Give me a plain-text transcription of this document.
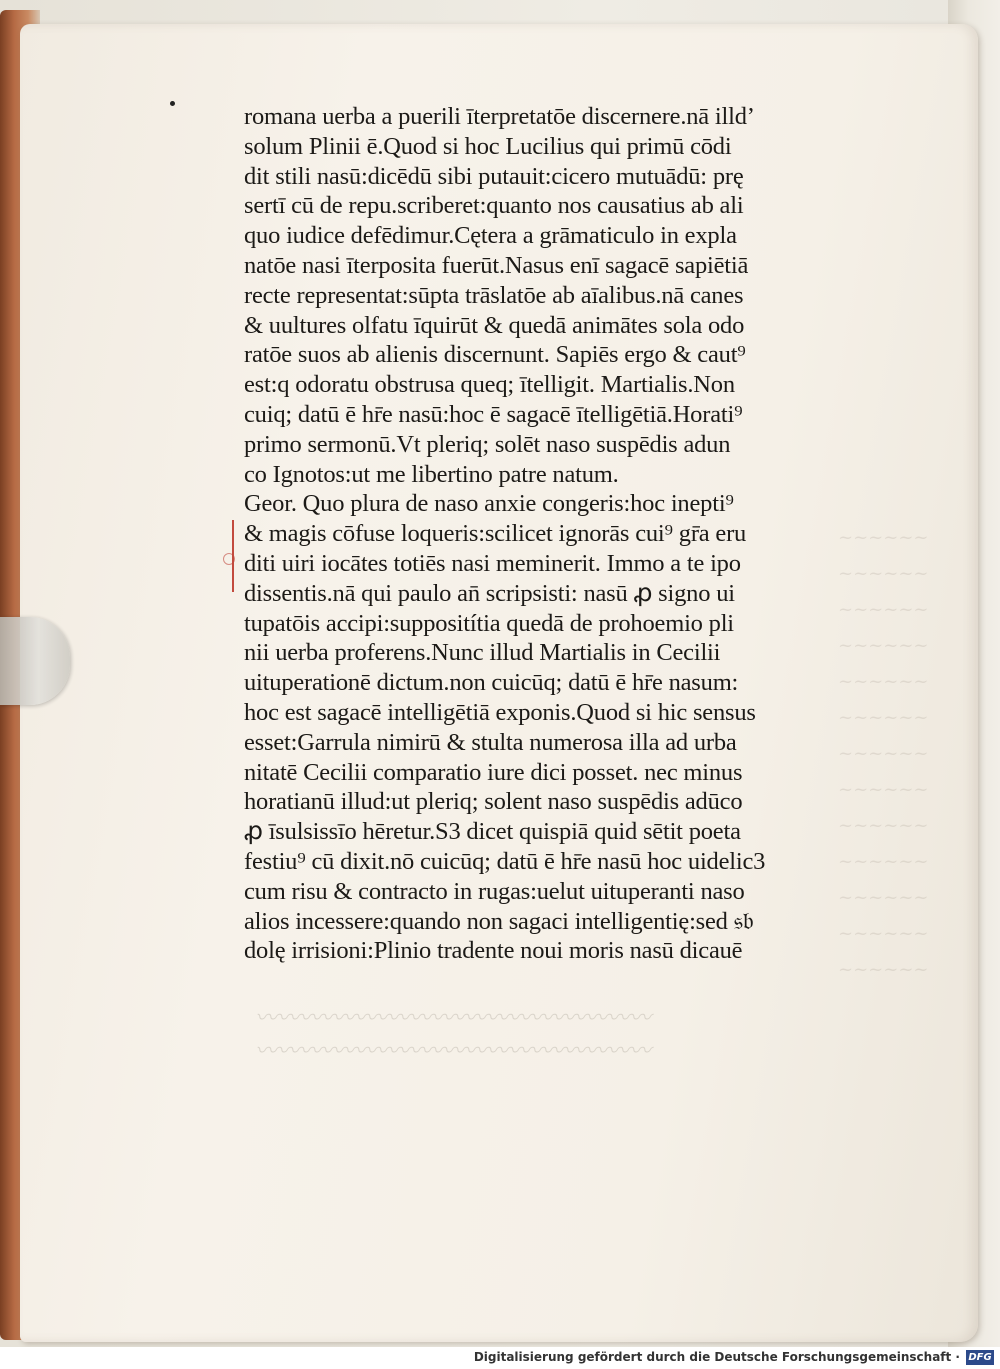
~~~~~~
~~~~~~
~~~~~~
~~~~~~
~~~~~~
~~~~~~
~~~~~~
~~~~~~
~~~~~~
~~~~~~
~~~~~~
~~~~~~
~~~~~~
〰〰〰〰〰〰〰〰〰〰〰〰〰〰〰〰〰〰
〰〰〰〰〰〰〰〰〰〰〰〰〰〰〰〰〰〰
romana uerba a puerili īterpretatōe discernere.nā illd’
solum Plinii ē.Quod si hoc Lucilius qui primū cōdi
dit stili nasū:dicēdū sibi putauit:cicero mutuādū: prę
sertī cū de repu.scriberet:quanto nos causatius ab ali
quo iudice defēdimur.Cętera a grāmaticulo in expla
natōe nasi īterposita fuerūt.Nasus enī sagacē sapiētiā
recte representat:sūpta trāslatōe ab aīalibus.nā canes
& uultures olfatu īquirūt & quedā animātes sola odo
ratōe suos ab alienis discernunt. Sapiēs ergo & caut⁹
est:q odoratu obstrusa queq; ītelligit. Martialis.Non
cuiq; datū ē hr̄e nasū:hoc ē sagacē ītelligētiā.Horati⁹
primo sermonū.Vt pleriq; solēt naso suspēdis adun
co Ignotos:ut me libertino patre natum.
Geor. Quo plura de naso anxie congeris:hoc inepti⁹
& magis cōfuse loqueris:scilicet ignorās cui⁹ gr̄a eru
diti uiri iocātes totiēs nasi meminerit. Immo a te ipo
dissentis.nā qui paulo an̄ scripsisti: nasū ꝓ signo ui
tupatōis accipi:suppositítia quedā de prohoemio pli
nii uerba proferens.Nunc illud Martialis in Cecilii
uituperationē dictum.non cuicūq; datū ē hr̄e nasum:
hoc est sagacē intelligētiā exponis.Quod si hic sensus
esset:Garrula nimirū & stulta numerosa illa ad urba
nitatē Cecilii comparatio iure dici posset. nec minus
horatianū illud:ut pleriq; solent naso suspēdis adūco
ꝓ īsulsissīo hēretur.S3 dicet quispiā quid sētit poeta
festiu⁹ cū dixit.nō cuicūq; datū ē hr̄e nasū hoc uidelic3
cum risu & contracto in rugas:uelut uituperanti naso
alios incessere:quando non sagaci intelligentię:sed 𝔰𝔟
dolę irrisioni:Plinio tradente noui moris nasū dicauē
Digitalisierung gefördert durch die Deutsche Forschungsgemeinschaft · DFG
